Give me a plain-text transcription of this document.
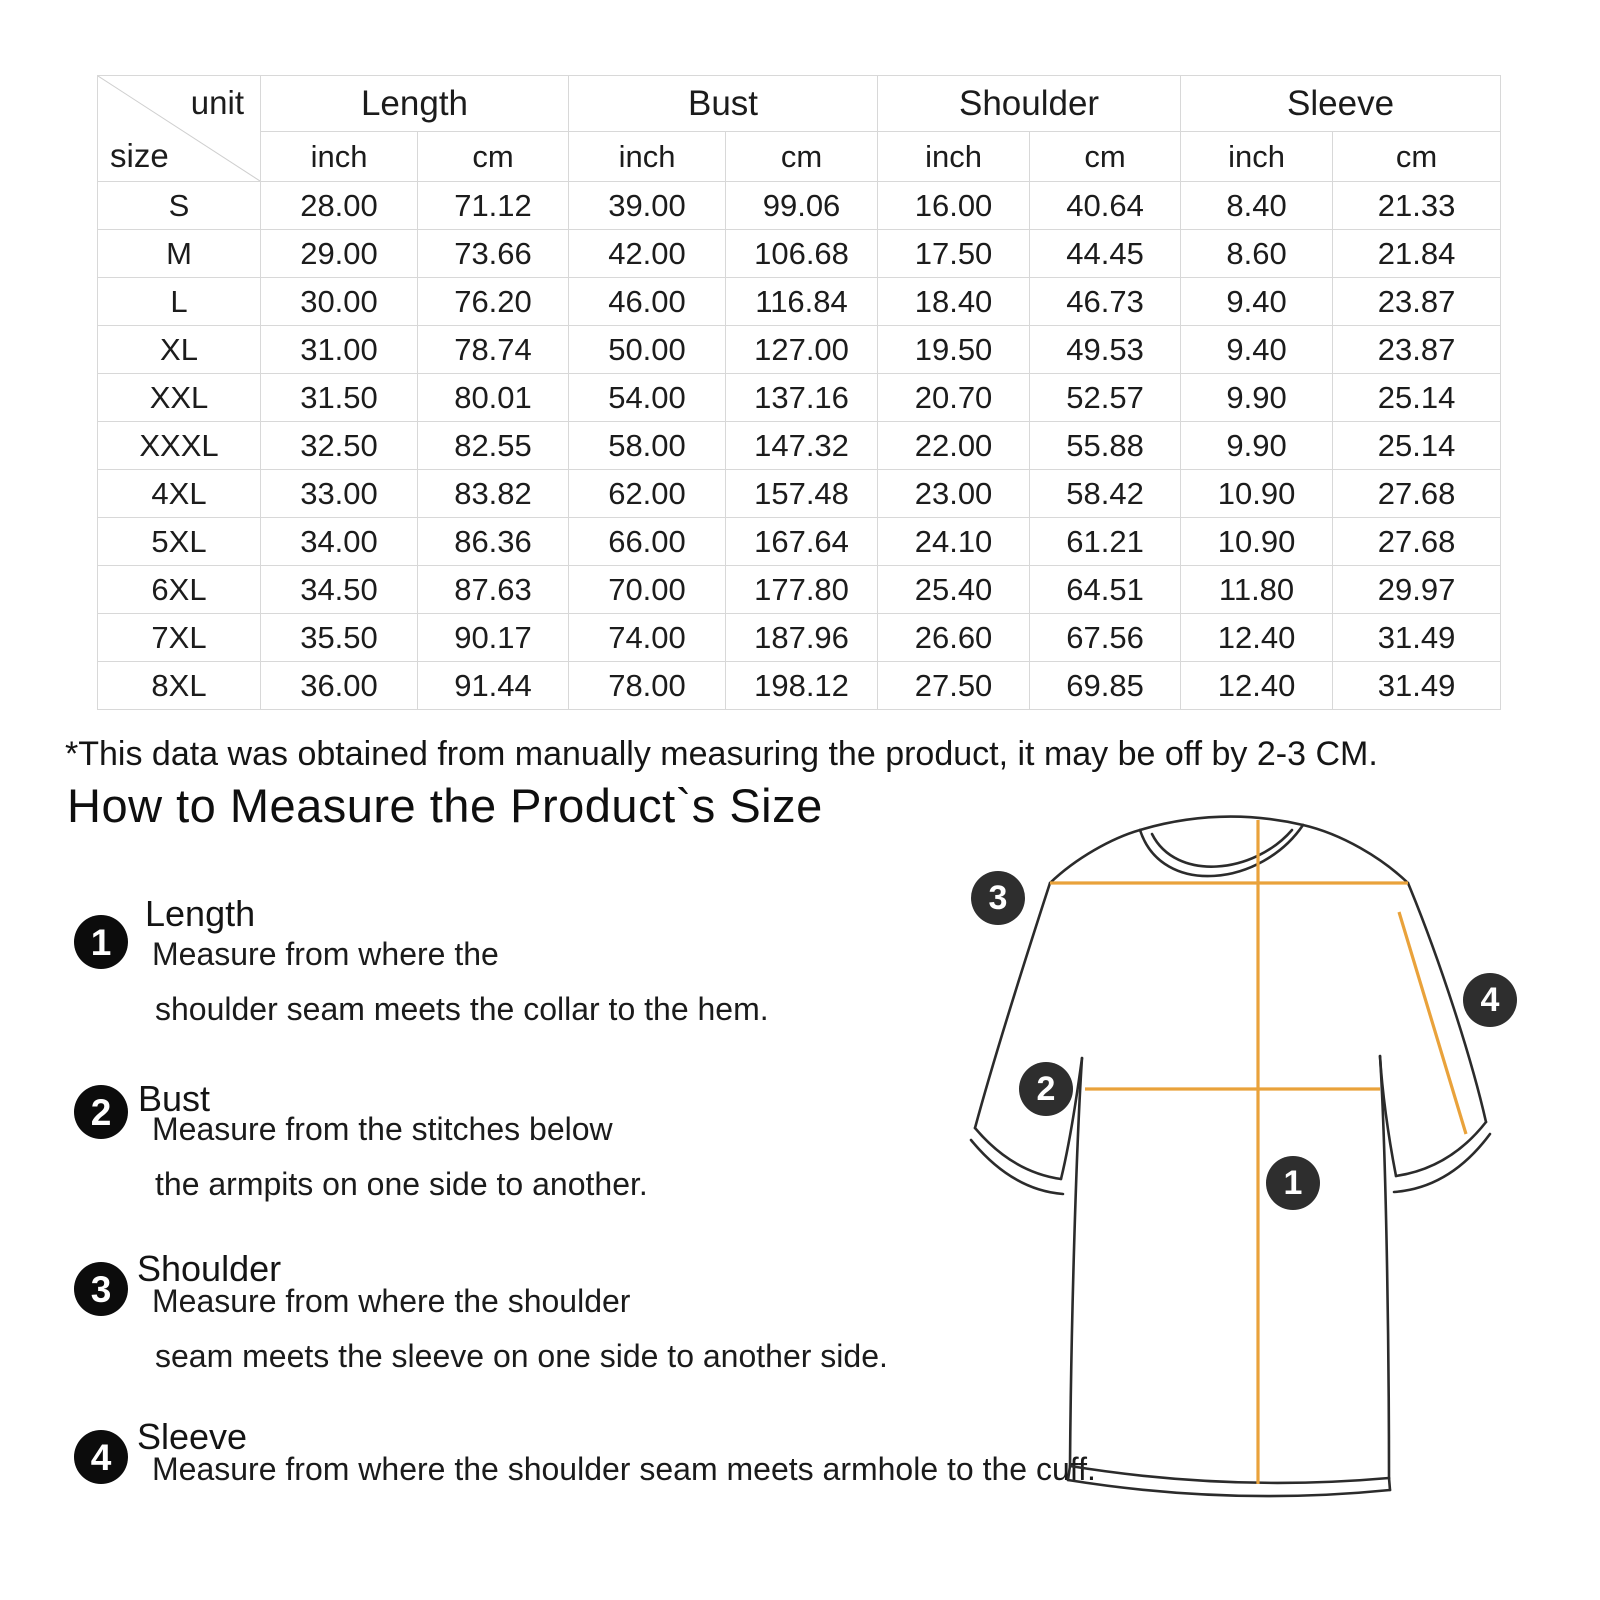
unit
size	Length		Bust		Shoulder		Sleeve	
	inch	cm	inch	cm	inch	cm	inch	cm
S	28.00	71.12	39.00	99.06	16.00	40.64	8.40	21.33
M	29.00	73.66	42.00	106.68	17.50	44.45	8.60	21.84
L	30.00	76.20	46.00	116.84	18.40	46.73	9.40	23.87
XL	31.00	78.74	50.00	127.00	19.50	49.53	9.40	23.87
XXL	31.50	80.01	54.00	137.16	20.70	52.57	9.90	25.14
XXXL	32.50	82.55	58.00	147.32	22.00	55.88	9.90	25.14
4XL	33.00	83.82	62.00	157.48	23.00	58.42	10.90	27.68
5XL	34.00	86.36	66.00	167.64	24.10	61.21	10.90	27.68
6XL	34.50	87.63	70.00	177.80	25.40	64.51	11.80	29.97
7XL	35.50	90.17	74.00	187.96	26.60	67.56	12.40	31.49
8XL	36.00	91.44	78.00	198.12	27.50	69.85	12.40	31.49
*This data was obtained from manually measuring the product, it may be off by 2-3 CM.
How to Measure the Product`s Size
1
Length
Measure from where the
shoulder seam meets the collar to the hem.
2 Bust
Measure from the stitches below
the armpits on one side to another.
3 Shoulder
Measure from where the shoulder
seam meets the sleeve on one side to another side.
4 Sleeve
Measure from where the shoulder seam meets armhole to the cuff.
1
2
3
4
